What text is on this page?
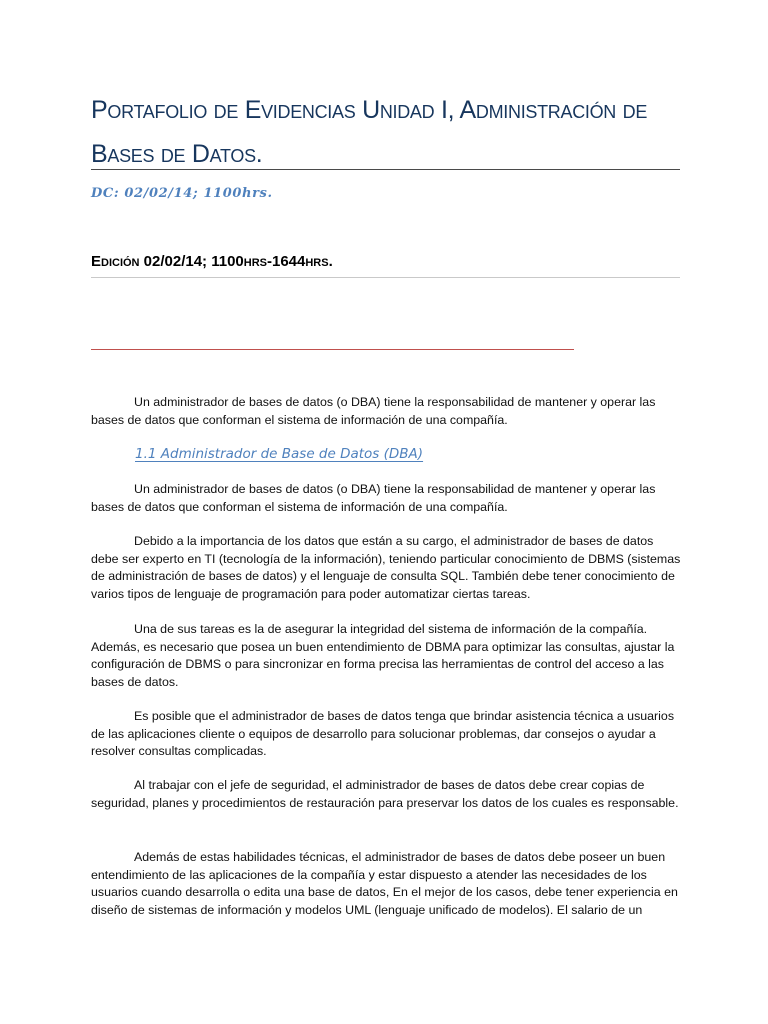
Portafolio de Evidencias Unidad I, Administración de Bases de Datos.
DC: 02/02/14; 1100hrs.
Edición 02/02/14; 1100hrs-1644hrs.

Un administrador de bases de datos (o DBA) tiene la responsabilidad de mantener y operar las bases de datos que conforman el sistema de información de una compañía.

1.1 Administrador de Base de Datos (DBA)

Un administrador de bases de datos (o DBA) tiene la responsabilidad de mantener y operar las bases de datos que conforman el sistema de información de una compañía.

Debido a la importancia de los datos que están a su cargo, el administrador de bases de datos debe ser experto en TI (tecnología de la información), teniendo particular conocimiento de DBMS (sistemas de administración de bases de datos) y el lenguaje de consulta SQL. También debe tener conocimiento de varios tipos de lenguaje de programación para poder automatizar ciertas tareas.

Una de sus tareas es la de asegurar la integridad del sistema de información de la compañía. Además, es necesario que posea un buen entendimiento de DBMA para optimizar las consultas, ajustar la configuración de DBMS o para sincronizar en forma precisa las herramientas de control del acceso a las bases de datos.

Es posible que el administrador de bases de datos tenga que brindar asistencia técnica a usuarios de las aplicaciones cliente o equipos de desarrollo para solucionar problemas, dar consejos o ayudar a resolver consultas complicadas.

Al trabajar con el jefe de seguridad, el administrador de bases de datos debe crear copias de seguridad, planes y procedimientos de restauración para preservar los datos de los cuales es responsable.

Además de estas habilidades técnicas, el administrador de bases de datos debe poseer un buen entendimiento de las aplicaciones de la compañía y estar dispuesto a atender las necesidades de los usuarios cuando desarrolla o edita una base de datos, En el mejor de los casos, debe tener experiencia en diseño de sistemas de información y modelos UML (lenguaje unificado de modelos). El salario de un
